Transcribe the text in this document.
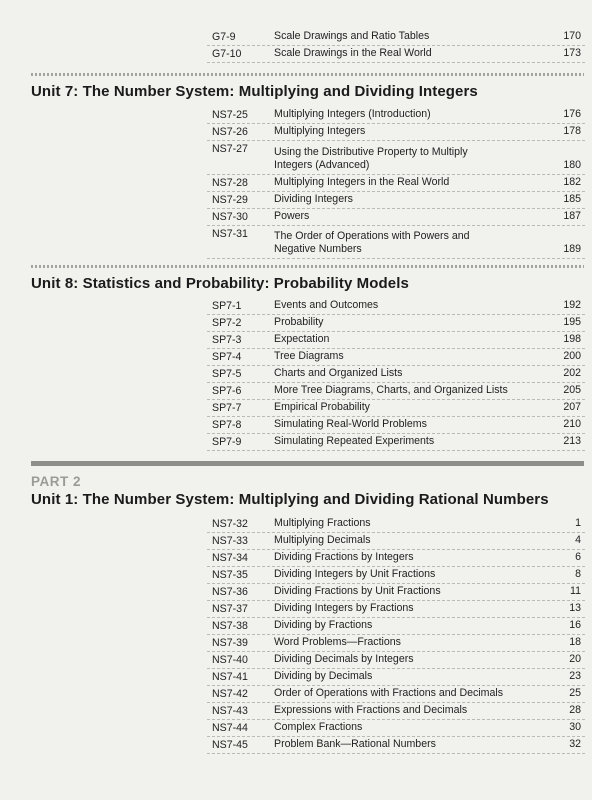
G7-9	Scale Drawings and Ratio Tables	170
G7-10	Scale Drawings in the Real World	173
Unit 7: The Number System: Multiplying and Dividing Integers
NS7-25	Multiplying Integers (Introduction)	176
NS7-26	Multiplying Integers	178
NS7-27	Using the Distributive Property to Multiply
Integers (Advanced)	180
NS7-28	Multiplying Integers in the Real World	182
NS7-29	Dividing Integers	185
NS7-30	Powers	187
NS7-31	The Order of Operations with Powers and
Negative Numbers	189
Unit 8: Statistics and Probability: Probability Models
SP7-1	Events and Outcomes	192
SP7-2	Probability	195
SP7-3	Expectation	198
SP7-4	Tree Diagrams	200
SP7-5	Charts and Organized Lists	202
SP7-6	More Tree Diagrams, Charts, and Organized Lists	205
SP7-7	Empirical Probability	207
SP7-8	Simulating Real-World Problems	210
SP7-9	Simulating Repeated Experiments	213
PART 2
Unit 1: The Number System: Multiplying and Dividing Rational Numbers
NS7-32	Multiplying Fractions	1
NS7-33	Multiplying Decimals	4
NS7-34	Dividing Fractions by Integers	6
NS7-35	Dividing Integers by Unit Fractions	8
NS7-36	Dividing Fractions by Unit Fractions	11
NS7-37	Dividing Integers by Fractions	13
NS7-38	Dividing by Fractions	16
NS7-39	Word Problems—Fractions	18
NS7-40	Dividing Decimals by Integers	20
NS7-41	Dividing by Decimals	23
NS7-42	Order of Operations with Fractions and Decimals	25
NS7-43	Expressions with Fractions and Decimals	28
NS7-44	Complex Fractions	30
NS7-45	Problem Bank—Rational Numbers	32
